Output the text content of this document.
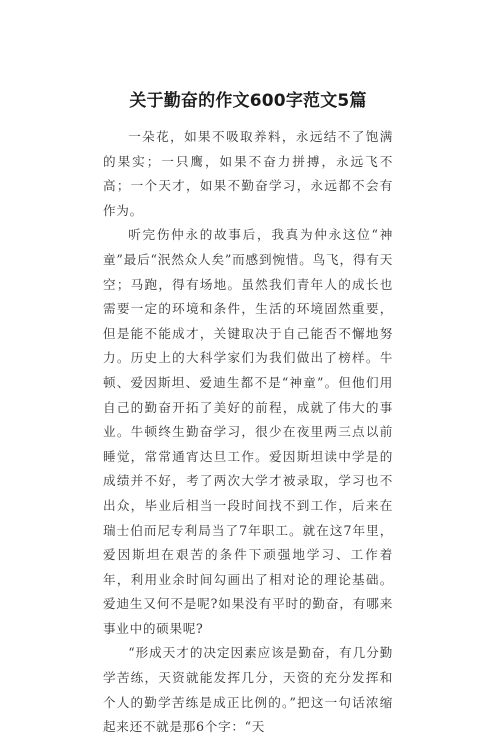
关于勤奋的作文600字范文5篇

一朵花，如果不吸取养料，永远结不了饱满的果实；一只鹰，如果不奋力拼搏，永远飞不高；一个天才，如果不勤奋学习，永远都不会有作为。

听完伤仲永的故事后，我真为仲永这位“神童”最后“泯然众人矣”而感到惋惜。鸟飞，得有天空；马跑，得有场地。虽然我们青年人的成长也需要一定的环境和条件，生活的环境固然重要，但是能不能成才，关键取决于自己能否不懈地努力。历史上的大科学家们为我们做出了榜样。牛顿、爱因斯坦、爱迪生都不是“神童”。但他们用自己的勤奋开拓了美好的前程，成就了伟大的事业。牛顿终生勤奋学习，很少在夜里两三点以前睡觉，常常通宵达旦工作。爱因斯坦读中学是的成绩并不好，考了两次大学才被录取，学习也不出众，毕业后相当一段时间找不到工作，后来在瑞士伯而尼专利局当了7年职工。就在这7年里，爱因斯坦在艰苦的条件下顽强地学习、工作着年，利用业余时间勾画出了相对论的理论基础。爱迪生又何不是呢?如果没有平时的勤奋，有哪来事业中的硕果呢?

“形成天才的决定因素应该是勤奋，有几分勤学苦练，天资就能发挥几分，天资的充分发挥和个人的勤学苦练是成正比例的。”把这一句话浓缩起来还不就是那6个字：“天
